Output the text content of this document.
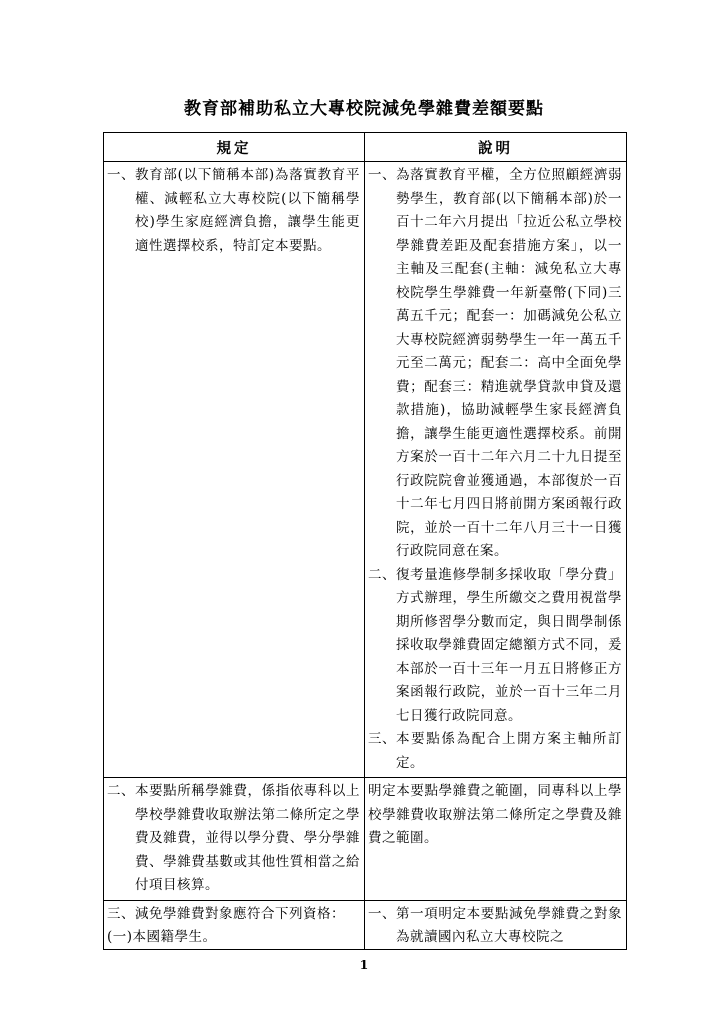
教育部補助私立大專校院減免學雜費差額要點
規定	說明
一、 教育部(以下簡稱本部)為落實教育平權、減輕私立大專校院(以下簡稱學校)學生家庭經濟負擔，讓學生能更適性選擇校系，特訂定本要點。
一、 為落實教育平權，全方位照顧經濟弱勢學生，教育部(以下簡稱本部)於一百十二年六月提出「拉近公私立學校學雜費差距及配套措施方案」，以一主軸及三配套(主軸：減免私立大專校院學生學雜費一年新臺幣(下同)三萬五千元；配套一：加碼減免公私立大專校院經濟弱勢學生一年一萬五千元至二萬元；配套二：高中全面免學費；配套三：精進就學貸款申貸及還款措施)，協助減輕學生家長經濟負擔，讓學生能更適性選擇校系。前開方案於一百十二年六月二十九日提至行政院院會並獲通過，本部復於一百十二年七月四日將前開方案函報行政院，並於一百十二年八月三十一日獲行政院同意在案。
二、 復考量進修學制多採收取「學分費」方式辦理，學生所繳交之費用視當學期所修習學分數而定，與日間學制係採收取學雜費固定總額方式不同，爰本部於一百十三年一月五日將修正方案函報行政院，並於一百十三年二月七日獲行政院同意。
三、 本要點係為配合上開方案主軸所訂定。
二、 本要點所稱學雜費，係指依專科以上學校學雜費收取辦法第二條所定之學費及雜費，並得以學分費、學分學雜費、學雜費基數或其他性質相當之給付項目核算。
明定本要點學雜費之範圍，同專科以上學校學雜費收取辦法第二條所定之學費及雜費之範圍。
三、 減免學雜費對象應符合下列資格：
(一)本國籍學生。
一、 第一項明定本要點減免學雜費之對象為就讀國內私立大專校院之
1
